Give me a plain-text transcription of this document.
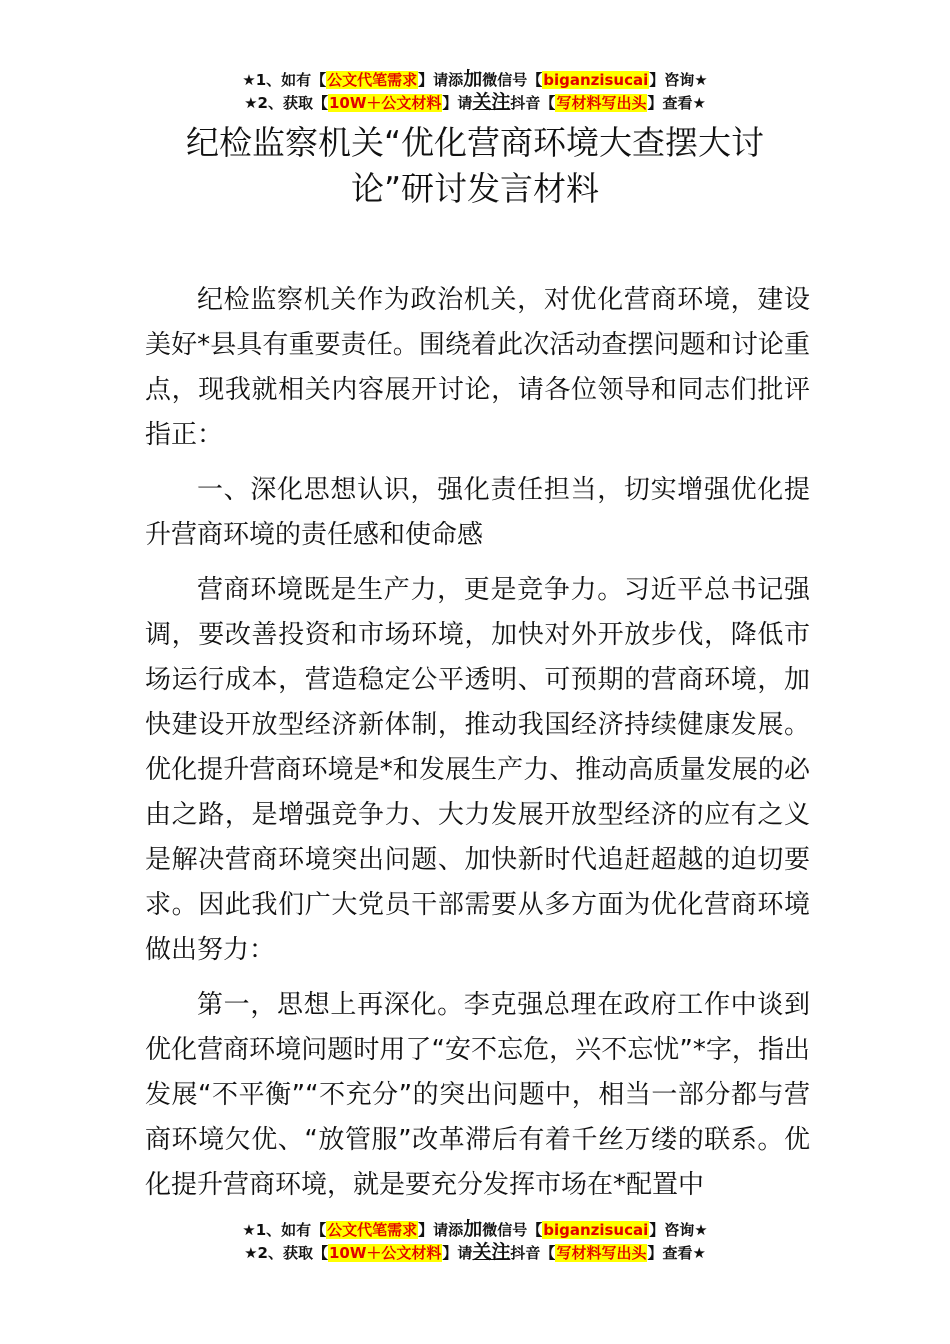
★1、如有【公文代笔需求】请添加微信号【biganzisucai】咨询★
★2、获取【10W＋公文材料】请关注抖音【写材料写出头】查看★
纪检监察机关“优化营商环境大查摆大讨论”研讨发言材料

纪检监察机关作为政治机关，对优化营商环境，建设美好*县具有重要责任。围绕着此次活动查摆问题和讨论重点，现我就相关内容展开讨论，请各位领导和同志们批评指正：

一、深化思想认识，强化责任担当，切实增强优化提升营商环境的责任感和使命感

营商环境既是生产力，更是竞争力。习近平总书记强调，要改善投资和市场环境，加快对外开放步伐，降低市场运行成本，营造稳定公平透明、可预期的营商环境，加快建设开放型经济新体制，推动我国经济持续健康发展。优化提升营商环境是*和发展生产力、推动高质量发展的必由之路，是增强竞争力、大力发展开放型经济的应有之义是解决营商环境突出问题、加快新时代追赶超越的迫切要求。因此我们广大党员干部需要从多方面为优化营商环境做出努力：

第一，思想上再深化。李克强总理在政府工作中谈到优化营商环境问题时用了“安不忘危，兴不忘忧”*字，指出发展“不平衡”“不充分”的突出问题中，相当一部分都与营商环境欠优、“放管服”改革滞后有着千丝万缕的联系。优化提升营商环境，就是要充分发挥市场在*配置中

★1、如有【公文代笔需求】请添加微信号【biganzisucai】咨询★
★2、获取【10W＋公文材料】请关注抖音【写材料写出头】查看★
